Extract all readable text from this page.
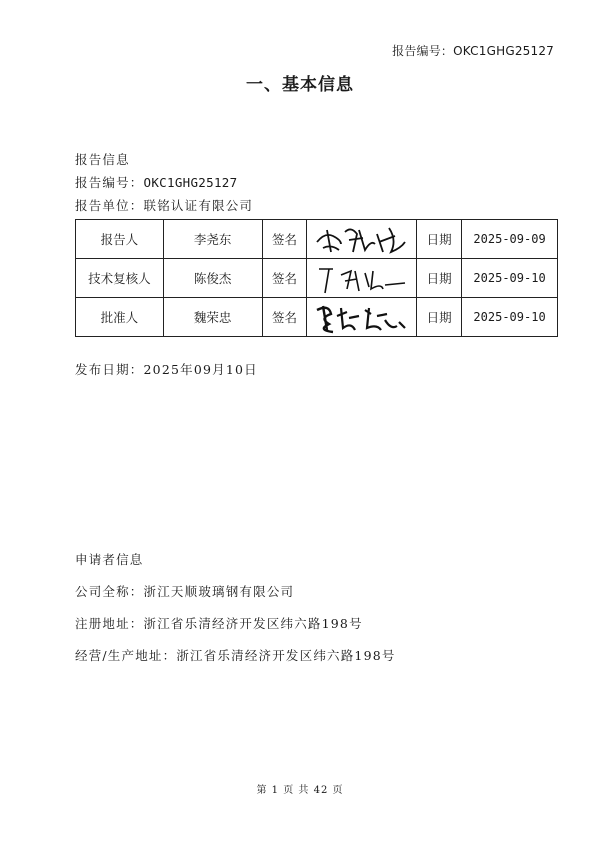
报告编号：OKC1GHG25127
一、基本信息
报告信息
报告编号：OKC1GHG25127
报告单位：联铭认证有限公司
报告人	李尧东	签名		日期	2025-09-09
技术复核人	陈俊杰	签名		日期	2025-09-10
批准人	魏荣忠	签名		日期	2025-09-10
发布日期：2025年09月10日
申请者信息
公司全称：浙江天顺玻璃钢有限公司
注册地址：浙江省乐清经济开发区纬六路198号
经营/生产地址：浙江省乐清经济开发区纬六路198号
第 1 页 共 42 页
